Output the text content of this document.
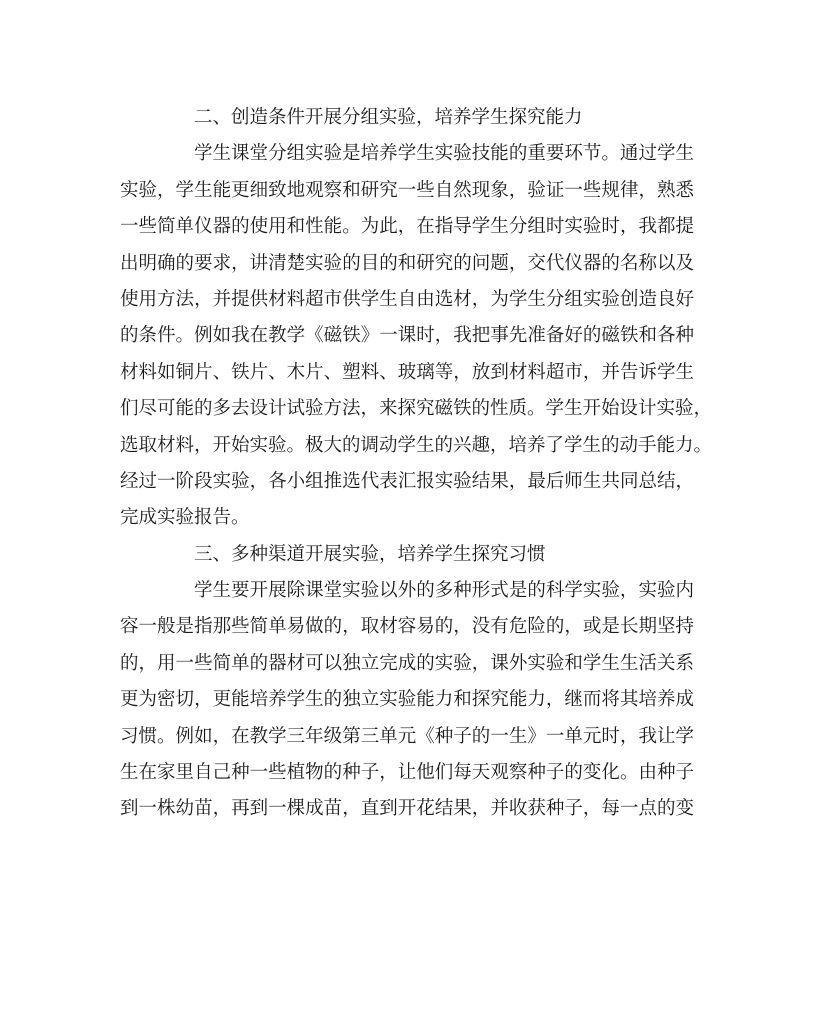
二、创造条件开展分组实验，培养学生探究能力
学生课堂分组实验是培养学生实验技能的重要环节。通过学生
实验，学生能更细致地观察和研究一些自然现象，验证一些规律，熟悉
一些简单仪器的使用和性能。为此，在指导学生分组时实验时，我都提
出明确的要求，讲清楚实验的目的和研究的问题，交代仪器的名称以及
使用方法，并提供材料超市供学生自由选材，为学生分组实验创造良好
的条件。例如我在教学《磁铁》一课时，我把事先准备好的磁铁和各种
材料如铜片、铁片、木片、塑料、玻璃等，放到材料超市，并告诉学生
们尽可能的多去设计试验方法，来探究磁铁的性质。学生开始设计实验，
选取材料，开始实验。极大的调动学生的兴趣，培养了学生的动手能力。
经过一阶段实验，各小组推选代表汇报实验结果，最后师生共同总结，
完成实验报告。
三、多种渠道开展实验，培养学生探究习惯
学生要开展除课堂实验以外的多种形式是的科学实验，实验内
容一般是指那些简单易做的，取材容易的，没有危险的，或是长期坚持
的，用一些简单的器材可以独立完成的实验，课外实验和学生生活关系
更为密切，更能培养学生的独立实验能力和探究能力，继而将其培养成
习惯。例如，在教学三年级第三单元《种子的一生》一单元时，我让学
生在家里自己种一些植物的种子，让他们每天观察种子的变化。由种子
到一株幼苗，再到一棵成苗，直到开花结果，并收获种子，每一点的变
